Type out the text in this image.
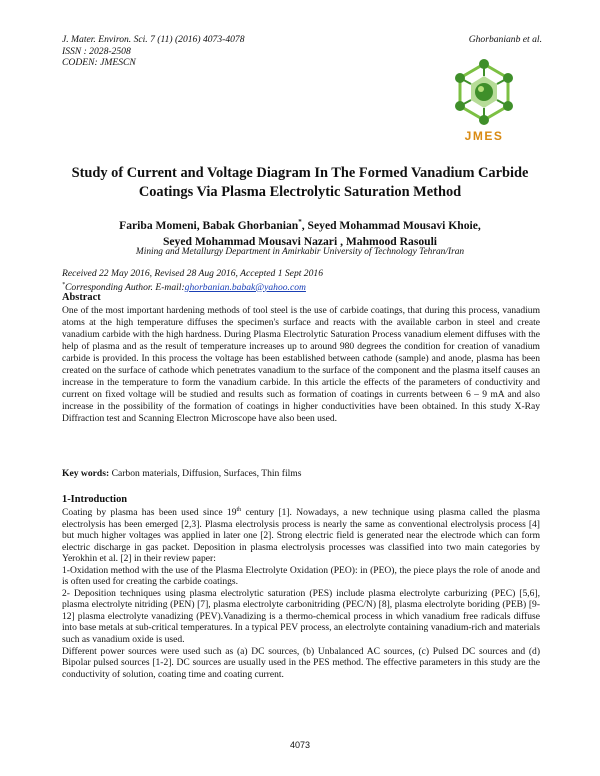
J. Mater. Environ. Sci. 7 (11) (2016) 4073-4078
ISSN : 2028-2508
CODEN: JMESCN
Ghorbanianb et al.
JMES
Study of Current and Voltage Diagram In The Formed Vanadium Carbide
Coatings Via Plasma Electrolytic Saturation Method
Fariba Momeni, Babak Ghorbanian*, Seyed Mohammad Mousavi Khoie,
Seyed Mohammad Mousavi Nazari , Mahmood Rasouli
Mining and Metallurgy Department in Amirkabir University of Technology Tehran/Iran
Received 22 May 2016, Revised 28 Aug 2016, Accepted 1 Sept 2016
*Corresponding Author. E-mail:ghorbanian.babak@yahoo.com
Abstract
One of the most important hardening methods of tool steel is the use of carbide coatings, that during this process, vanadium atoms at the high temperature diffuses the specimen's surface and reacts with the available carbon in steel and create vanadium carbide with the high hardness. During Plasma Electrolytic Saturation Process vanadium element diffuses with the help of plasma and as the result of temperature increases up to around 980 degrees the condition for creation of vanadium carbide is provided. In this process the voltage has been established between cathode (sample) and anode, plasma has been created on the surface of cathode which penetrates vanadium to the surface of the component and the plasma itself causes an increase in the temperature to form the vanadium carbide. In this article the effects of the parameters of conductivity and current on fixed voltage will be studied and results such as formation of coatings in currents between 6 – 9 mA and also increase in the possibility of the formation of coatings in higher conductivities have been obtained. In this study X-Ray Diffraction test and Scanning Electron Microscope have also been used.
Key words: Carbon materials, Diffusion, Surfaces, Thin films
1-Introduction

Coating by plasma has been used since 19th century [1]. Nowadays, a new technique using plasma called the plasma electrolysis has been emerged [2,3]. Plasma electrolysis process is nearly the same as conventional electrolysis process [4] but much higher voltages was applied in later one [2]. Strong electric field is generated near the electrode which can form electric discharge in gas packet. Deposition in plasma electrolysis processes was classified into two main categories by Yerokhin et al. [2] in their review paper:

1-Oxidation method with the use of the Plasma Electrolyte Oxidation (PEO): in (PEO), the piece plays the role of anode and is often used for creating the carbide coatings.

2- Deposition techniques using plasma electrolytic saturation (PES) include plasma electrolyte carburizing (PEC) [5,6], plasma electrolyte nitriding (PEN) [7], plasma electrolyte carbonitriding (PEC/N) [8], plasma electrolyte boriding (PEB) [9-12] plasma electrolyte vanadizing (PEV).Vanadizing is a thermo-chemical process in which vanadium free radicals diffuse into base metals at sub-critical temperatures. In a typical PEV process, an electrolyte containing vanadium-rich and materials such as vanadium oxide is used.

Different power sources were used such as (a) DC sources, (b) Unbalanced AC sources, (c) Pulsed DC sources and (d) Bipolar pulsed sources [1-2]. DC sources are usually used in the PES method. The effective parameters in this study are the conductivity of solution, coating time and coating current.

4073
